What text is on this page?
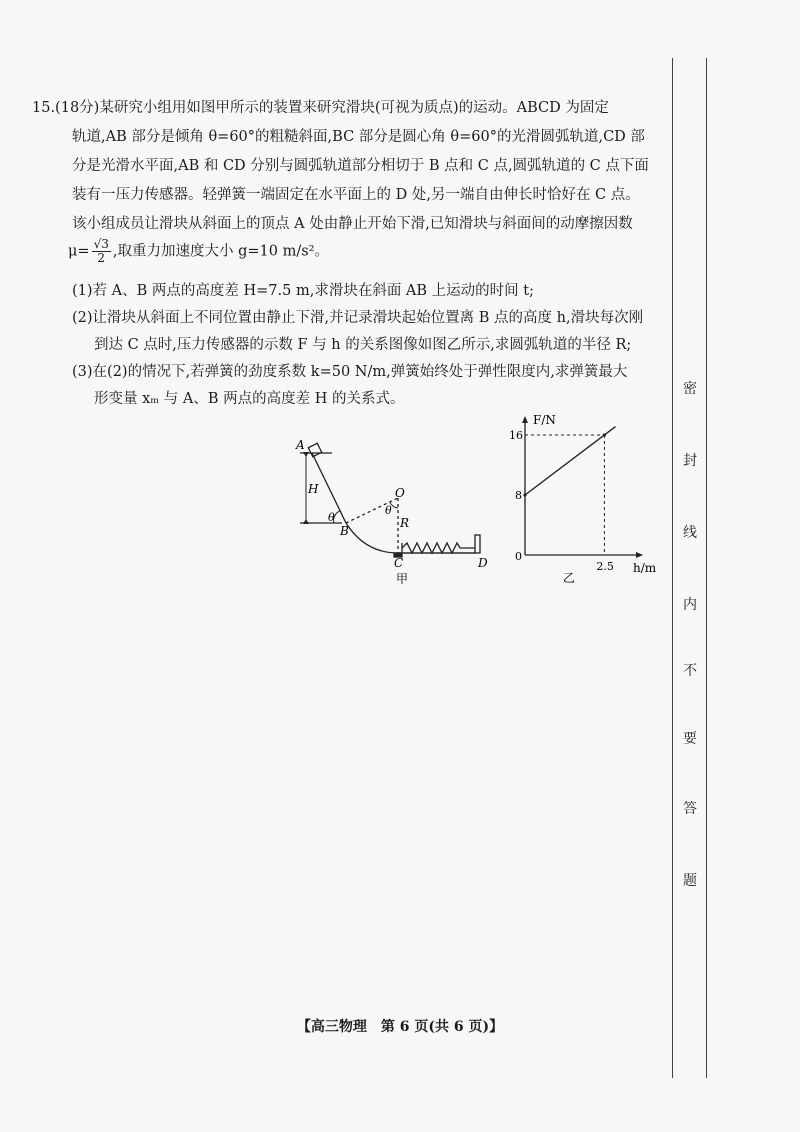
15.(18分)某研究小组用如图甲所示的装置来研究滑块(可视为质点)的运动。ABCD 为固定
轨道,AB 部分是倾角 θ=60°的粗糙斜面,BC 部分是圆心角 θ=60°的光滑圆弧轨道,CD 部
分是光滑水平面,AB 和 CD 分别与圆弧轨道部分相切于 B 点和 C 点,圆弧轨道的 C 点下面
装有一压力传感器。轻弹簧一端固定在水平面上的 D 处,另一端自由伸长时恰好在 C 点。
该小组成员让滑块从斜面上的顶点 A 处由静止开始下滑,已知滑块与斜面间的动摩擦因数
$\mu= \frac{√3}{2}$ ,取重力加速度大小 g=10 m/s²。
(1)若 A、B 两点的高度差 H=7.5 m,求滑块在斜面 AB 上运动的时间 t;
(2)让滑块从斜面上不同位置由静止下滑,并记录滑块起始位置离 B 点的高度 h,滑块每次刚
到达 C 点时,压力传感器的示数 F 与 h 的关系图像如图乙所示,求圆弧轨道的半径 R;
(3)在(2)的情况下,若弹簧的劲度系数 k=50 N/m,弹簧始终处于弹性限度内,求弹簧最大
形变量 xₘ 与 A、B 两点的高度差 H 的关系式。
A
H
B
O
R
C	D
θ
θ
甲
F/N
h/m
0
16
8
2.5
乙
密
封
线
内
不
要
答
题
【高三物理　第 6 页(共 6 页)】
